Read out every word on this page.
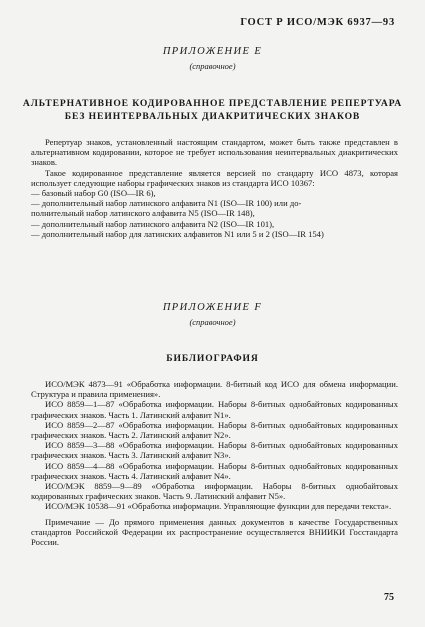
ГОСТ Р ИСО/МЭК 6937—93
ПРИЛОЖЕНИЕ Е
(справочное)
АЛЬТЕРНАТИВНОЕ КОДИРОВАННОЕ ПРЕДСТАВЛЕНИЕ РЕПЕРТУАРА
БЕЗ НЕИНТЕРВАЛЬНЫХ ДИАКРИТИЧЕСКИХ ЗНАКОВ

Репертуар знаков, установленный настоящим стандартом, может быть также представлен в альтернативном кодировании, которое не требует использования неинтервальных диакритических знаков.

Такое кодированное представление является версией по стандарту ИСО 4873, которая использует следующие наборы графических знаков из стандарта ИСО 10367:

— базовый набор G0 (ISO—IR 6),

— дополнительный набор латинского алфавита N1 (ISO—IR 100) или до-

полнительный набор латинского алфавита N5 (ISO—IR 148),

— дополнительный набор латинского алфавита N2 (ISO—IR 101),

— дополнительный набор для латинских алфавитов N1 или 5 и 2 (ISO—IR 154)

ПРИЛОЖЕНИЕ F
(справочное)
БИБЛИОГРАФИЯ

ИСО/МЭК 4873—91 «Обработка информации. 8-битный код ИСО для обмена информации. Структура и правила применения».

ИСО 8859—1—87 «Обработка информации. Наборы 8-битных однобайтовых кодированных графических знаков. Часть 1. Латинский алфавит N1».

ИСО 8859—2—87 «Обработка информации. Наборы 8-битных однобайтовых кодированных графических знаков. Часть 2. Латинский алфавит N2».

ИСО 8859—3—88 «Обработка информации. Наборы 8-битных однобайтовых кодированных графических знаков. Часть 3. Латинский алфавит N3».

ИСО 8859—4—88 «Обработка информации. Наборы 8-битных однобайтовых кодированных графических знаков. Часть 4. Латинский алфавит N4».

ИСО/МЭК 8859—9—89 «Обработка информации. Наборы 8-битных однобайтовых кодированных графических знаков. Часть 9. Латинский алфавит N5».

ИСО/МЭК 10538—91 «Обработка информации. Управляющие функции для передачи текста».

Примечание — До прямого применения данных документов в качестве Государственных стандартов Российской Федерации их распространение осуществляется ВНИИКИ Госстандарта России.

75
